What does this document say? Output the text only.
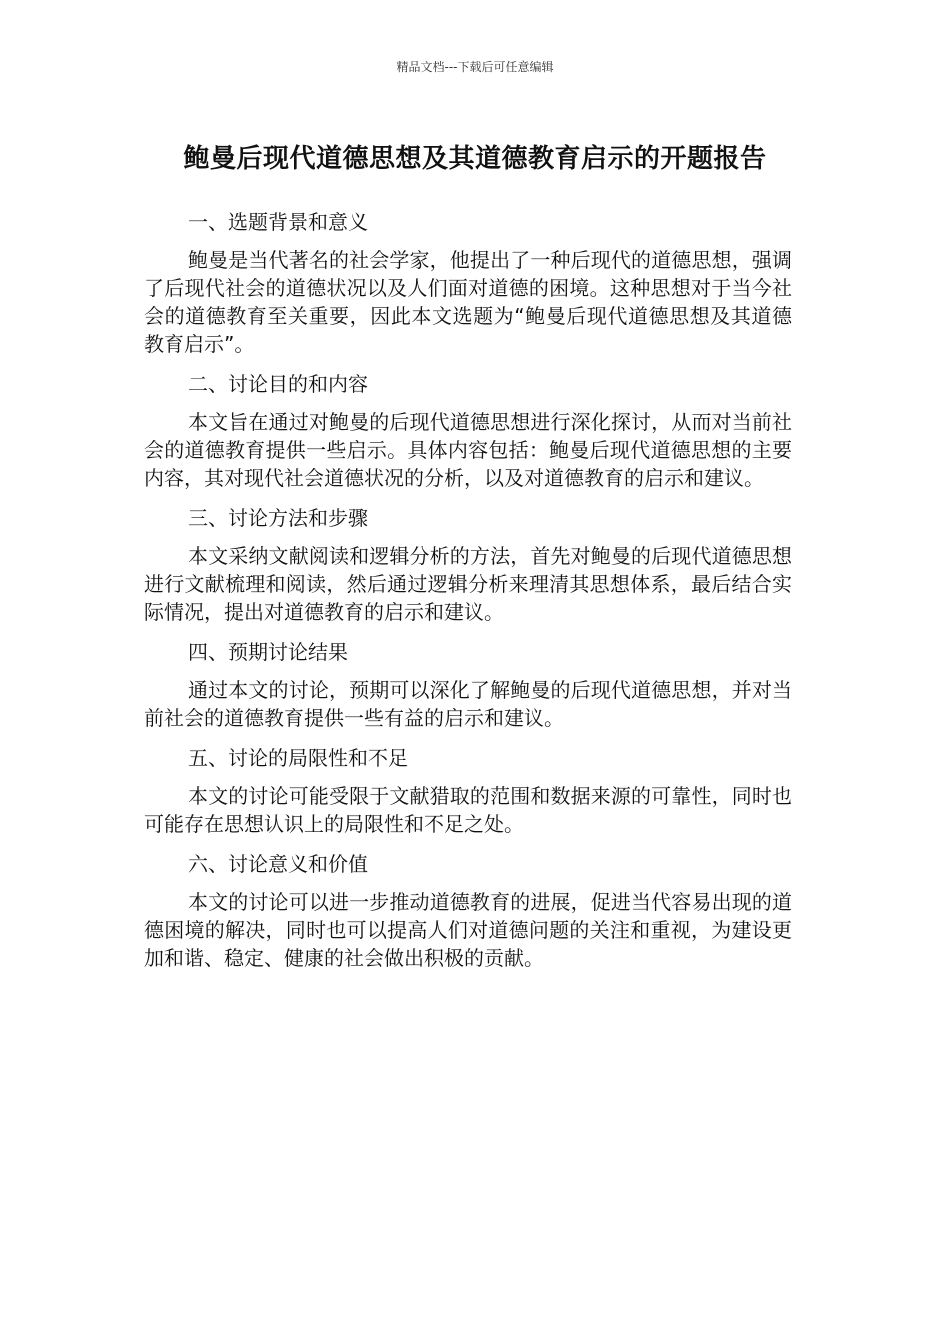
精品文档---下载后可任意编辑
鲍曼后现代道德思想及其道德教育启示的开题报告

一、选题背景和意义

鲍曼是当代著名的社会学家，他提出了一种后现代的道德思想，强调了后现代社会的道德状况以及人们面对道德的困境。这种思想对于当今社会的道德教育至关重要，因此本文选题为“鲍曼后现代道德思想及其道德教育启示”。

二、讨论目的和内容

本文旨在通过对鲍曼的后现代道德思想进行深化探讨，从而对当前社会的道德教育提供一些启示。具体内容包括：鲍曼后现代道德思想的主要内容，其对现代社会道德状况的分析，以及对道德教育的启示和建议。

三、讨论方法和步骤

本文采纳文献阅读和逻辑分析的方法，首先对鲍曼的后现代道德思想进行文献梳理和阅读，然后通过逻辑分析来理清其思想体系，最后结合实际情况，提出对道德教育的启示和建议。

四、预期讨论结果

通过本文的讨论，预期可以深化了解鲍曼的后现代道德思想，并对当前社会的道德教育提供一些有益的启示和建议。

五、讨论的局限性和不足

本文的讨论可能受限于文献猎取的范围和数据来源的可靠性，同时也可能存在思想认识上的局限性和不足之处。

六、讨论意义和价值

本文的讨论可以进一步推动道德教育的进展，促进当代容易出现的道德困境的解决，同时也可以提高人们对道德问题的关注和重视，为建设更加和谐、稳定、健康的社会做出积极的贡献。
